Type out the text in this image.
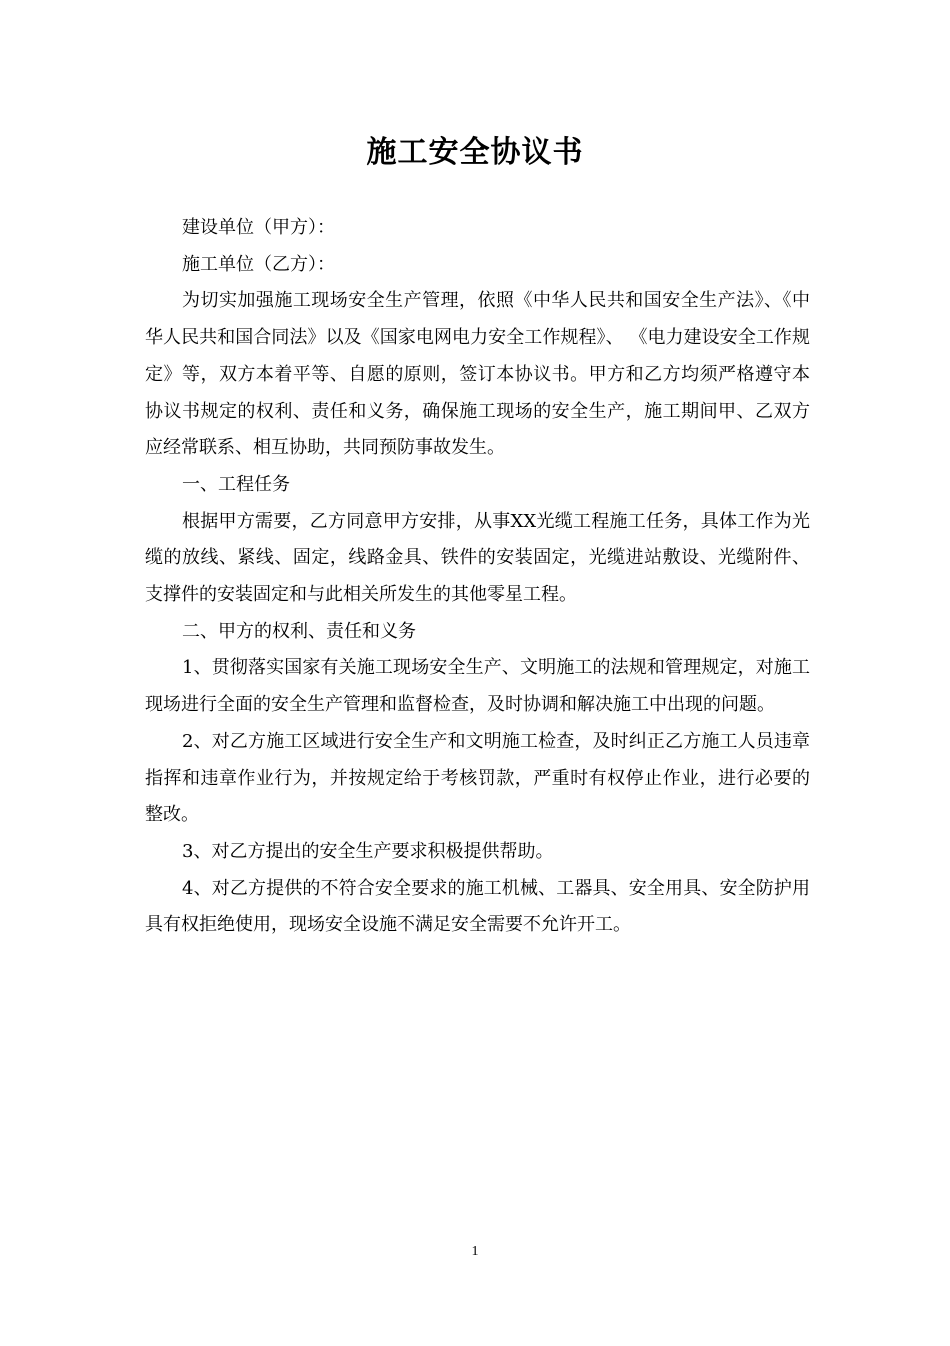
施工安全协议书

建设单位（甲方）：

施工单位（乙方）：

为切实加强施工现场安全生产管理，依照《中华人民共和国安全生产法》、《中华人民共和国合同法》以及《国家电网电力安全工作规程》、 《电力建设安全工作规定》等，双方本着平等、自愿的原则，签订本协议书。甲方和乙方均须严格遵守本协议书规定的权利、责任和义务，确保施工现场的安全生产，施工期间甲、乙双方应经常联系、相互协助，共同预防事故发生。

一、工程任务

根据甲方需要，乙方同意甲方安排，从事XX光缆工程施工任务，具体工作为光缆的放线、紧线、固定，线路金具、铁件的安装固定，光缆进站敷设、光缆附件、支撑件的安装固定和与此相关所发生的其他零星工程。

二、甲方的权利、责任和义务

1、贯彻落实国家有关施工现场安全生产、文明施工的法规和管理规定，对施工现场进行全面的安全生产管理和监督检查，及时协调和解决施工中出现的问题。

2、对乙方施工区域进行安全生产和文明施工检查，及时纠正乙方施工人员违章指挥和违章作业行为，并按规定给于考核罚款，严重时有权停止作业，进行必要的整改。

3、对乙方提出的安全生产要求积极提供帮助。

4、对乙方提供的不符合安全要求的施工机械、工器具、安全用具、安全防护用具有权拒绝使用，现场安全设施不满足安全需要不允许开工。

1
